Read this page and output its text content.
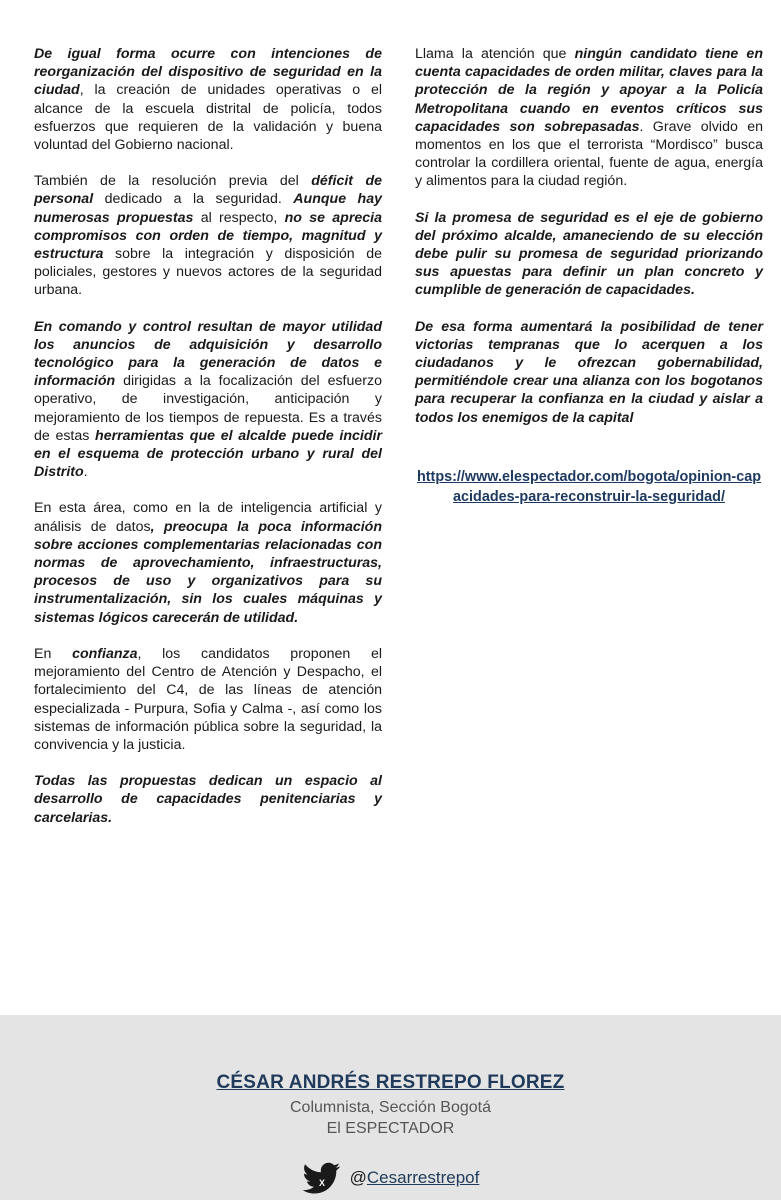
De igual forma ocurre con intenciones de reorganización del dispositivo de seguridad en la ciudad, la creación de unidades operativas o el alcance de la escuela distrital de policía, todos esfuerzos que requieren de la validación y buena voluntad del Gobierno nacional.

También de la resolución previa del déficit de personal dedicado a la seguridad. Aunque hay numerosas propuestas al respecto, no se aprecia compromisos con orden de tiempo, magnitud y estructura sobre la integración y disposición de policiales, gestores y nuevos actores de la seguridad urbana.

En comando y control resultan de mayor utilidad los anuncios de adquisición y desarrollo tecnológico para la generación de datos e información dirigidas a la focalización del esfuerzo operativo, de investigación, anticipación y mejoramiento de los tiempos de repuesta. Es a través de estas herramientas que el alcalde puede incidir en el esquema de protección urbano y rural del Distrito.

En esta área, como en la de inteligencia artificial y análisis de datos, preocupa la poca información sobre acciones complementarias relacionadas con normas de aprovechamiento, infraestructuras, procesos de uso y organizativos para su instrumentalización, sin los cuales máquinas y sistemas lógicos carecerán de utilidad.

En confianza, los candidatos proponen el mejoramiento del Centro de Atención y Despacho, el fortalecimiento del C4, de las líneas de atención especializada - Purpura, Sofia y Calma -, así como los sistemas de información pública sobre la seguridad, la convivencia y la justicia.

Todas las propuestas dedican un espacio al desarrollo de capacidades penitenciarias y carcelarias.

Llama la atención que ningún candidato tiene en cuenta capacidades de orden militar, claves para la protección de la región y apoyar a la Policía Metropolitana cuando en eventos críticos sus capacidades son sobrepasadas. Grave olvido en momentos en los que el terrorista “Mordisco” busca controlar la cordillera oriental, fuente de agua, energía y alimentos para la ciudad región.

Si la promesa de seguridad es el eje de gobierno del próximo alcalde, amaneciendo de su elección debe pulir su promesa de seguridad priorizando sus apuestas para definir un plan concreto y cumplible de generación de capacidades.

De esa forma aumentará la posibilidad de tener victorias tempranas que lo acerquen a los ciudadanos y le ofrezcan gobernabilidad, permitiéndole crear una alianza con los bogotanos para recuperar la confianza en la ciudad y aislar a todos los enemigos de la capital

https://www.elespectador.com/bogota/opinion-capacidades-para-reconstruir-la-seguridad/
CÉSAR ANDRÉS RESTREPO FLOREZ
Columnista, Sección Bogotá
El ESPECTADOR
X @Cesarrestrepof
